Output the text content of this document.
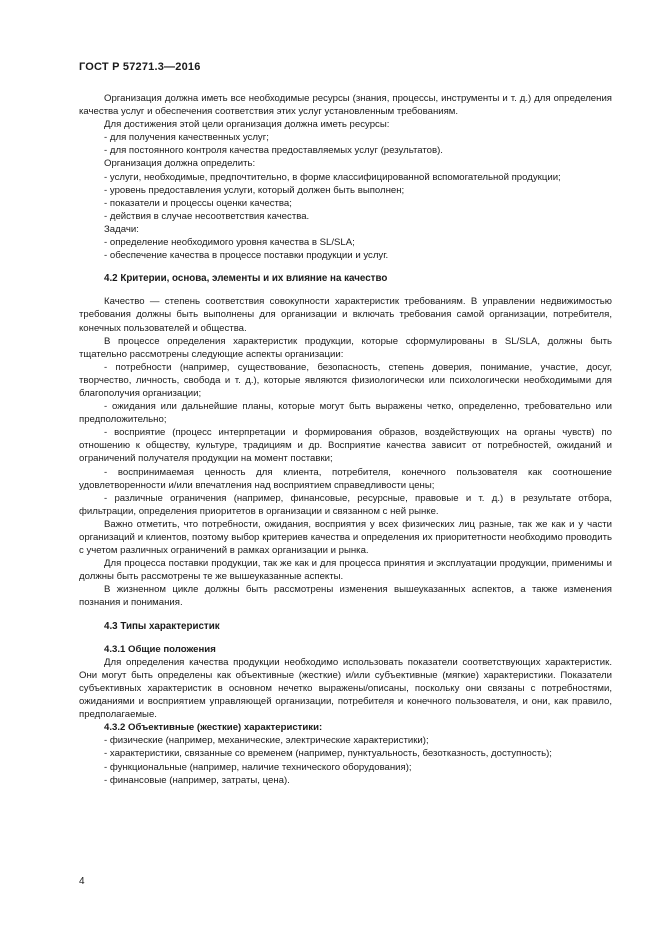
ГОСТ Р 57271.3—2016
Организация должна иметь все необходимые ресурсы (знания, процессы, инструменты и т. д.) для определения качества услуг и обеспечения соответствия этих услуг установленным требованиям.
Для достижения этой цели организация должна иметь ресурсы:
- для получения качественных услуг;
- для постоянного контроля качества предоставляемых услуг (результатов).
Организация должна определить:
- услуги, необходимые, предпочтительно, в форме классифицированной вспомогательной продукции;
- уровень предоставления услуги, который должен быть выполнен;
- показатели и процессы оценки качества;
- действия в случае несоответствия качества.
Задачи:
- определение необходимого уровня качества в SL/SLA;
- обеспечение качества в процессе поставки продукции и услуг.
4.2 Критерии, основа, элементы и их влияние на качество
Качество — степень соответствия совокупности характеристик требованиям. В управлении недвижимостью требования должны быть выполнены для организации и включать требования самой организации, потребителя, конечных пользователей и общества.
В процессе определения характеристик продукции, которые сформулированы в SL/SLA, должны быть тщательно рассмотрены следующие аспекты организации:
- потребности (например, существование, безопасность, степень доверия, понимание, участие, досуг, творчество, личность, свобода и т. д.), которые являются физиологически или психологически необходимыми для благополучия организации;
- ожидания или дальнейшие планы, которые могут быть выражены четко, определенно, требовательно или предположительно;
- восприятие (процесс интерпретации и формирования образов, воздействующих на органы чувств) по отношению к обществу, культуре, традициям и др. Восприятие качества зависит от потребностей, ожиданий и ограничений получателя продукции на момент поставки;
- воспринимаемая ценность для клиента, потребителя, конечного пользователя как соотношение удовлетворенности и/или впечатления над восприятием справедливости цены;
- различные ограничения (например, финансовые, ресурсные, правовые и т. д.) в результате отбора, фильтрации, определения приоритетов в организации и связанном с ней рынке.
Важно отметить, что потребности, ожидания, восприятия у всех физических лиц разные, так же как и у части организаций и клиентов, поэтому выбор критериев качества и определения их приоритетности необходимо проводить с учетом различных ограничений в рамках организации и рынка.
Для процесса поставки продукции, так же как и для процесса принятия и эксплуатации продукции, применимы и должны быть рассмотрены те же вышеуказанные аспекты.
В жизненном цикле должны быть рассмотрены изменения вышеуказанных аспектов, а также изменения познания и понимания.
4.3 Типы характеристик
4.3.1 Общие положения
Для определения качества продукции необходимо использовать показатели соответствующих характеристик. Они могут быть определены как объективные (жесткие) и/или субъективные (мягкие) характеристики. Показатели субъективных характеристик в основном нечетко выражены/описаны, поскольку они связаны с потребностями, ожиданиями и восприятием управляющей организации, потребителя и конечного пользователя, и они, как правило, предполагаемые.
4.3.2 Объективные (жесткие) характеристики:
- физические (например, механические, электрические характеристики);
- характеристики, связанные со временем (например, пунктуальность, безотказность, доступность);
- функциональные (например, наличие технического оборудования);
- финансовые (например, затраты, цена).
4
